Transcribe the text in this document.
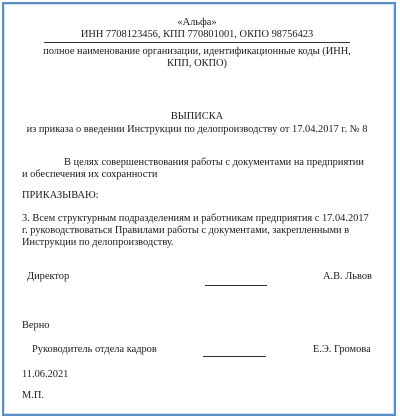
«Альфа»
ИНН 7708123456, КПП 770801001, ОКПО 98756423
полное наименование организации, идентификационные коды (ИНН,
КПП, ОКПО)
ВЫПИСКА
из приказа о введении Инструкции по делопроизводству от 17.04.2017 г. № 8
В целях совершенствования работы с документами на предприятии
и обеспечения их сохранности
ПРИКАЗЫВАЮ:
3. Всем структурным подразделениям и работникам предприятия с 17.04.2017
г. руководствоваться Правилами работы с документами, закрепленными в
Инструкции по делопроизводству.
Директор	А.В. Львов
Верно
Руководитель отдела кадров	Е.Э. Громова
11.06.2021
М.П.
